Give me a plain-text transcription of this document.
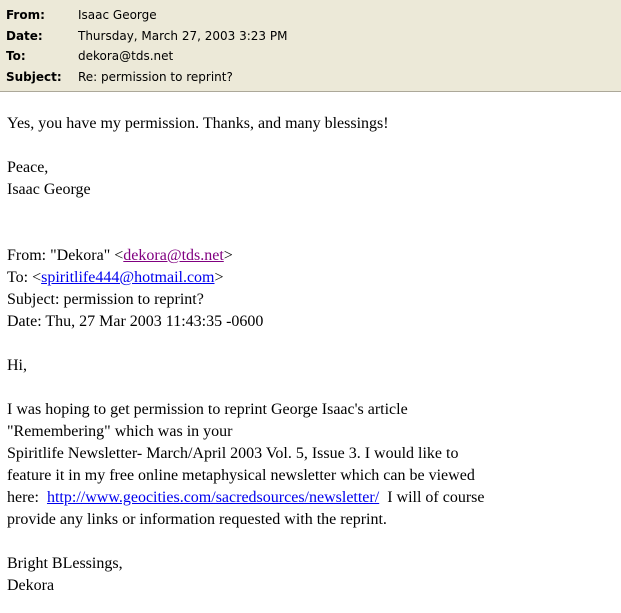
From:	Isaac George
Date:	Thursday, March 27, 2003 3:23 PM
To:	dekora@tds.net
Subject: Re: permission to reprint?
Yes, you have my permission. Thanks, and many blessings!
Peace,
Isaac George
From: "Dekora" <dekora@tds.net>
To: <spiritlife444@hotmail.com>
Subject: permission to reprint?
Date: Thu, 27 Mar 2003 11:43:35 -0600
Hi,
I was hoping to get permission to reprint George Isaac's article
"Remembering" which was in your
Spiritlife Newsletter- March/April 2003 Vol. 5, Issue 3. I would like to
feature it in my free online metaphysical newsletter which can be viewed
here:  http://www.geocities.com/sacredsources/newsletter/  I will of course
provide any links or information requested with the reprint.
Bright BLessings,
Dekora
